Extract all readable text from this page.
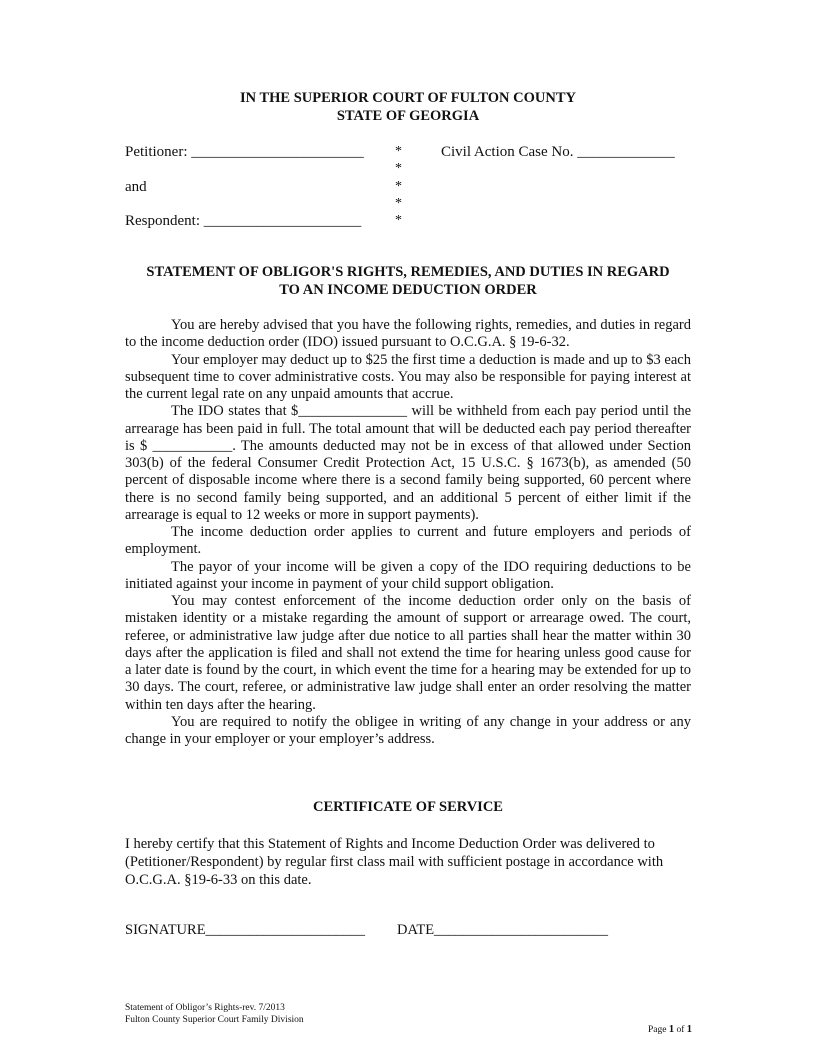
IN THE SUPERIOR COURT OF FULTON COUNTY
STATE OF GEORGIA
Petitioner: _______________________
and
Respondent: _____________________
Civil Action Case No. _____________
*
*
*
*
*
STATEMENT OF OBLIGOR'S RIGHTS, REMEDIES, AND DUTIES IN REGARD
TO AN INCOME DEDUCTION ORDER

You are hereby advised that you have the following rights, remedies, and duties in regard to the income deduction order (IDO) issued pursuant to O.C.G.A. § 19-6-32.

Your employer may deduct up to $25 the first time a deduction is made and up to $3 each subsequent time to cover administrative costs. You may also be responsible for paying interest at the current legal rate on any unpaid amounts that accrue.

The IDO states that $_______________ will be withheld from each pay period until the arrearage has been paid in full. The total amount that will be deducted each pay period thereafter is $ ___________. The amounts deducted may not be in excess of that allowed under Section 303(b) of the federal Consumer Credit Protection Act, 15 U.S.C. § 1673(b), as amended (50 percent of disposable income where there is a second family being supported, 60 percent where there is no second family being supported, and an additional 5 percent of either limit if the arrearage is equal to 12 weeks or more in support payments).

The income deduction order applies to current and future employers and periods of employment.

The payor of your income will be given a copy of the IDO requiring deductions to be initiated against your income in payment of your child support obligation.

You may contest enforcement of the income deduction order only on the basis of mistaken identity or a mistake regarding the amount of support or arrearage owed. The court, referee, or administrative law judge after due notice to all parties shall hear the matter within 30 days after the application is filed and shall not extend the time for hearing unless good cause for a later date is found by the court, in which event the time for a hearing may be extended for up to 30 days. The court, referee, or administrative law judge shall enter an order resolving the matter within ten days after the hearing.

You are required to notify the obligee in writing of any change in your address or any change in your employer or your employer’s address.

CERTIFICATE OF SERVICE
I hereby certify that this Statement of Rights and Income Deduction Order was delivered to (Petitioner/Respondent) by regular first class mail with sufficient postage in accordance with O.C.G.A. §19-6-33 on this date.
SIGNATURE______________________ DATE________________________
Statement of Obligor’s Rights-rev. 7/2013
Fulton County Superior Court Family Division
Page 1 of 1
